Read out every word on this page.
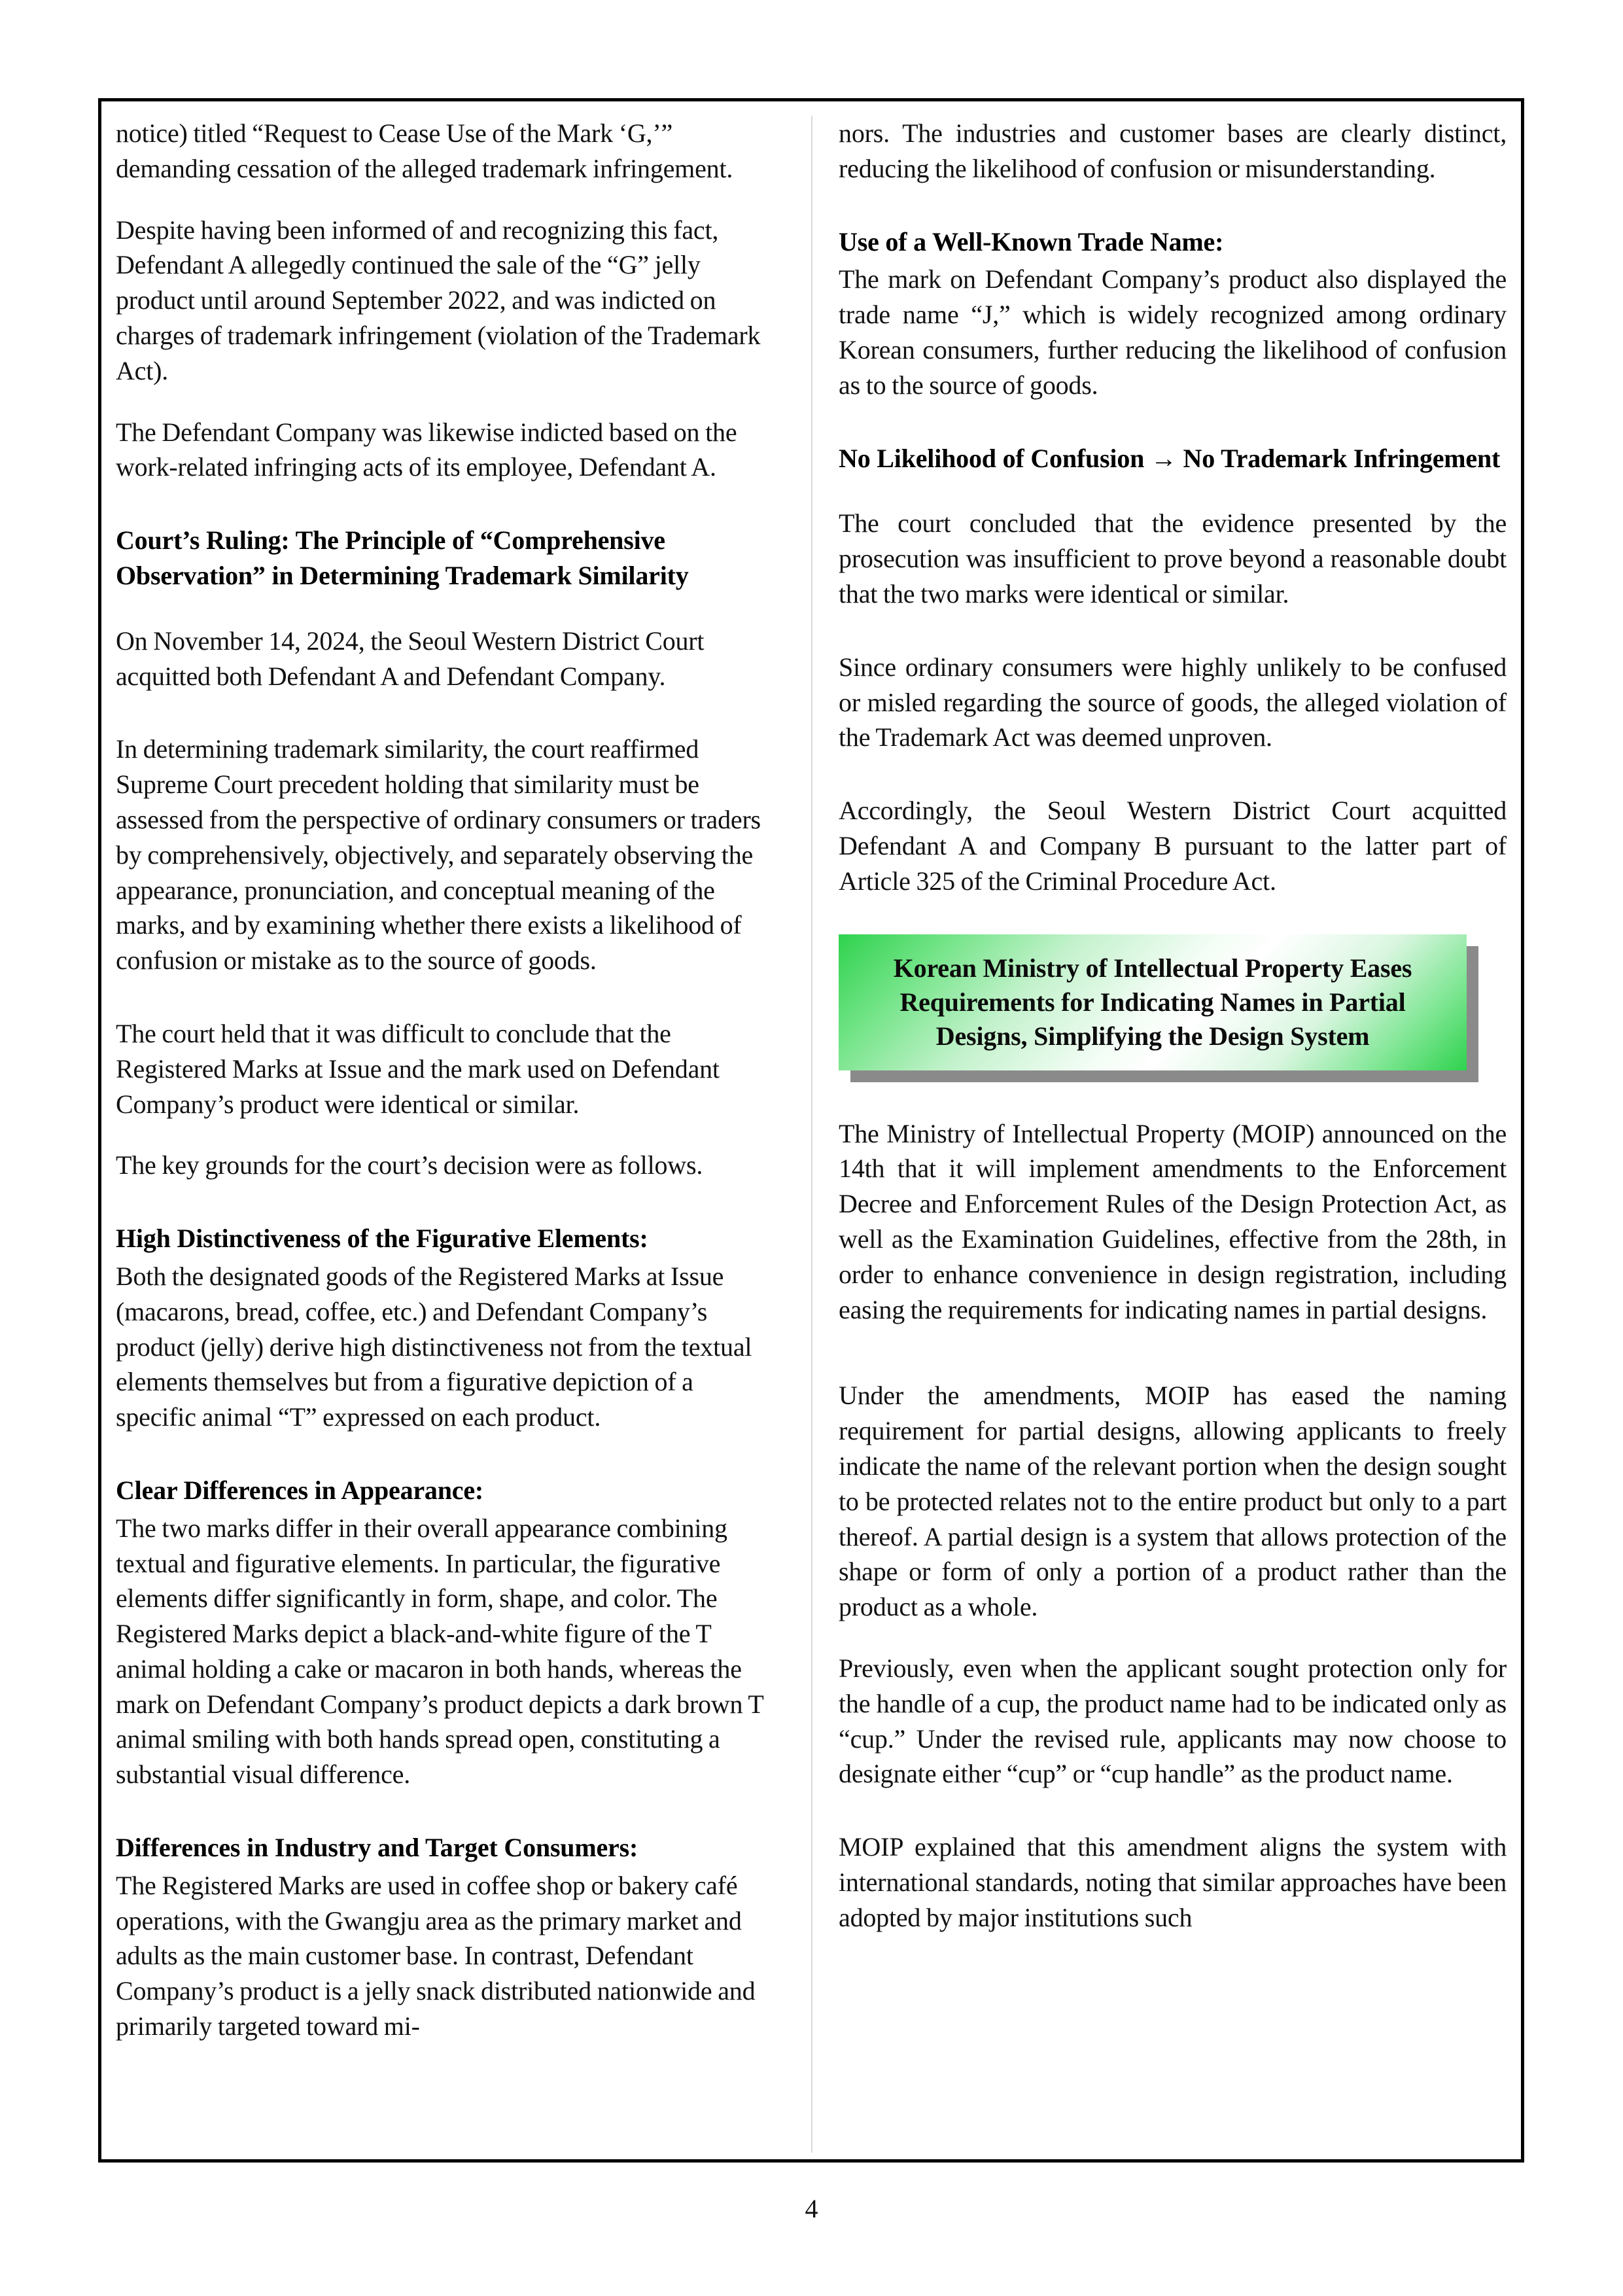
notice) titled “Request to Cease Use of the Mark ‘G,’” demanding cessation of the alleged trademark infringement.

Despite having been informed of and recognizing this fact, Defendant A allegedly continued the sale of the “G” jelly product until around September 2022, and was indicted on charges of trademark infringement (violation of the Trademark Act).

The Defendant Company was likewise indicted based on the work-related infringing acts of its employee, Defendant A.

Court’s Ruling: The Principle of “Comprehensive Observation” in Determining Trademark Similarity

On November 14, 2024, the Seoul Western District Court acquitted both Defendant A and Defendant Company.

In determining trademark similarity, the court reaffirmed Supreme Court precedent holding that similarity must be assessed from the perspective of ordinary consumers or traders by comprehensively, objectively, and separately observing the appearance, pronunciation, and conceptual meaning of the marks, and by examining whether there exists a likelihood of confusion or mistake as to the source of goods.

The court held that it was difficult to conclude that the Registered Marks at Issue and the mark used on Defendant Company’s product were identical or similar.

The key grounds for the court’s decision were as follows.

High Distinctiveness of the Figurative Elements:

Both the designated goods of the Registered Marks at Issue (macarons, bread, coffee, etc.) and Defendant Company’s product (jelly) derive high distinctiveness not from the textual elements themselves but from a figurative depiction of a specific animal “T” expressed on each product.

Clear Differences in Appearance:

The two marks differ in their overall appearance combining textual and figurative elements. In particular, the figurative elements differ significantly in form, shape, and color. The Registered Marks depict a black-and-white figure of the T animal holding a cake or macaron in both hands, whereas the mark on Defendant Company’s product depicts a dark brown T animal smiling with both hands spread open, constituting a substantial visual difference.

Differences in Industry and Target Consumers:

The Registered Marks are used in coffee shop or bakery café operations, with the Gwangju area as the primary market and adults as the main customer base. In contrast, Defendant Company’s product is a jelly snack distributed nationwide and primarily targeted toward mi-

nors. The industries and customer bases are clearly distinct, reducing the likelihood of confusion or misunderstanding.

Use of a Well-Known Trade Name:

The mark on Defendant Company’s product also displayed the trade name “J,” which is widely recognized among ordinary Korean consumers, further reducing the likelihood of confusion as to the source of goods.

No Likelihood of Confusion → No Trademark Infringement

The court concluded that the evidence presented by the prosecution was insufficient to prove beyond a reasonable doubt that the two marks were identical or similar.

Since ordinary consumers were highly unlikely to be confused or misled regarding the source of goods, the alleged violation of the Trademark Act was deemed unproven.

Accordingly, the Seoul Western District Court acquitted Defendant A and Company B pursuant to the latter part of Article 325 of the Criminal Procedure Act.

Korean Ministry of Intellectual Property Eases Requirements for Indicating Names in Partial Designs, Simplifying the Design System

The Ministry of Intellectual Property (MOIP) announced on the 14th that it will implement amendments to the Enforcement Decree and Enforcement Rules of the Design Protection Act, as well as the Examination Guidelines, effective from the 28th, in order to enhance convenience in design registration, including easing the requirements for indicating names in partial designs.

Under the amendments, MOIP has eased the naming requirement for partial designs, allowing applicants to freely indicate the name of the relevant portion when the design sought to be protected relates not to the entire product but only to a part thereof. A partial design is a system that allows protection of the shape or form of only a portion of a product rather than the product as a whole.

Previously, even when the applicant sought protection only for the handle of a cup, the product name had to be indicated only as “cup.” Under the revised rule, applicants may now choose to designate either “cup” or “cup handle” as the product name.

MOIP explained that this amendment aligns the system with international standards, noting that similar approaches have been adopted by major institutions such

4
